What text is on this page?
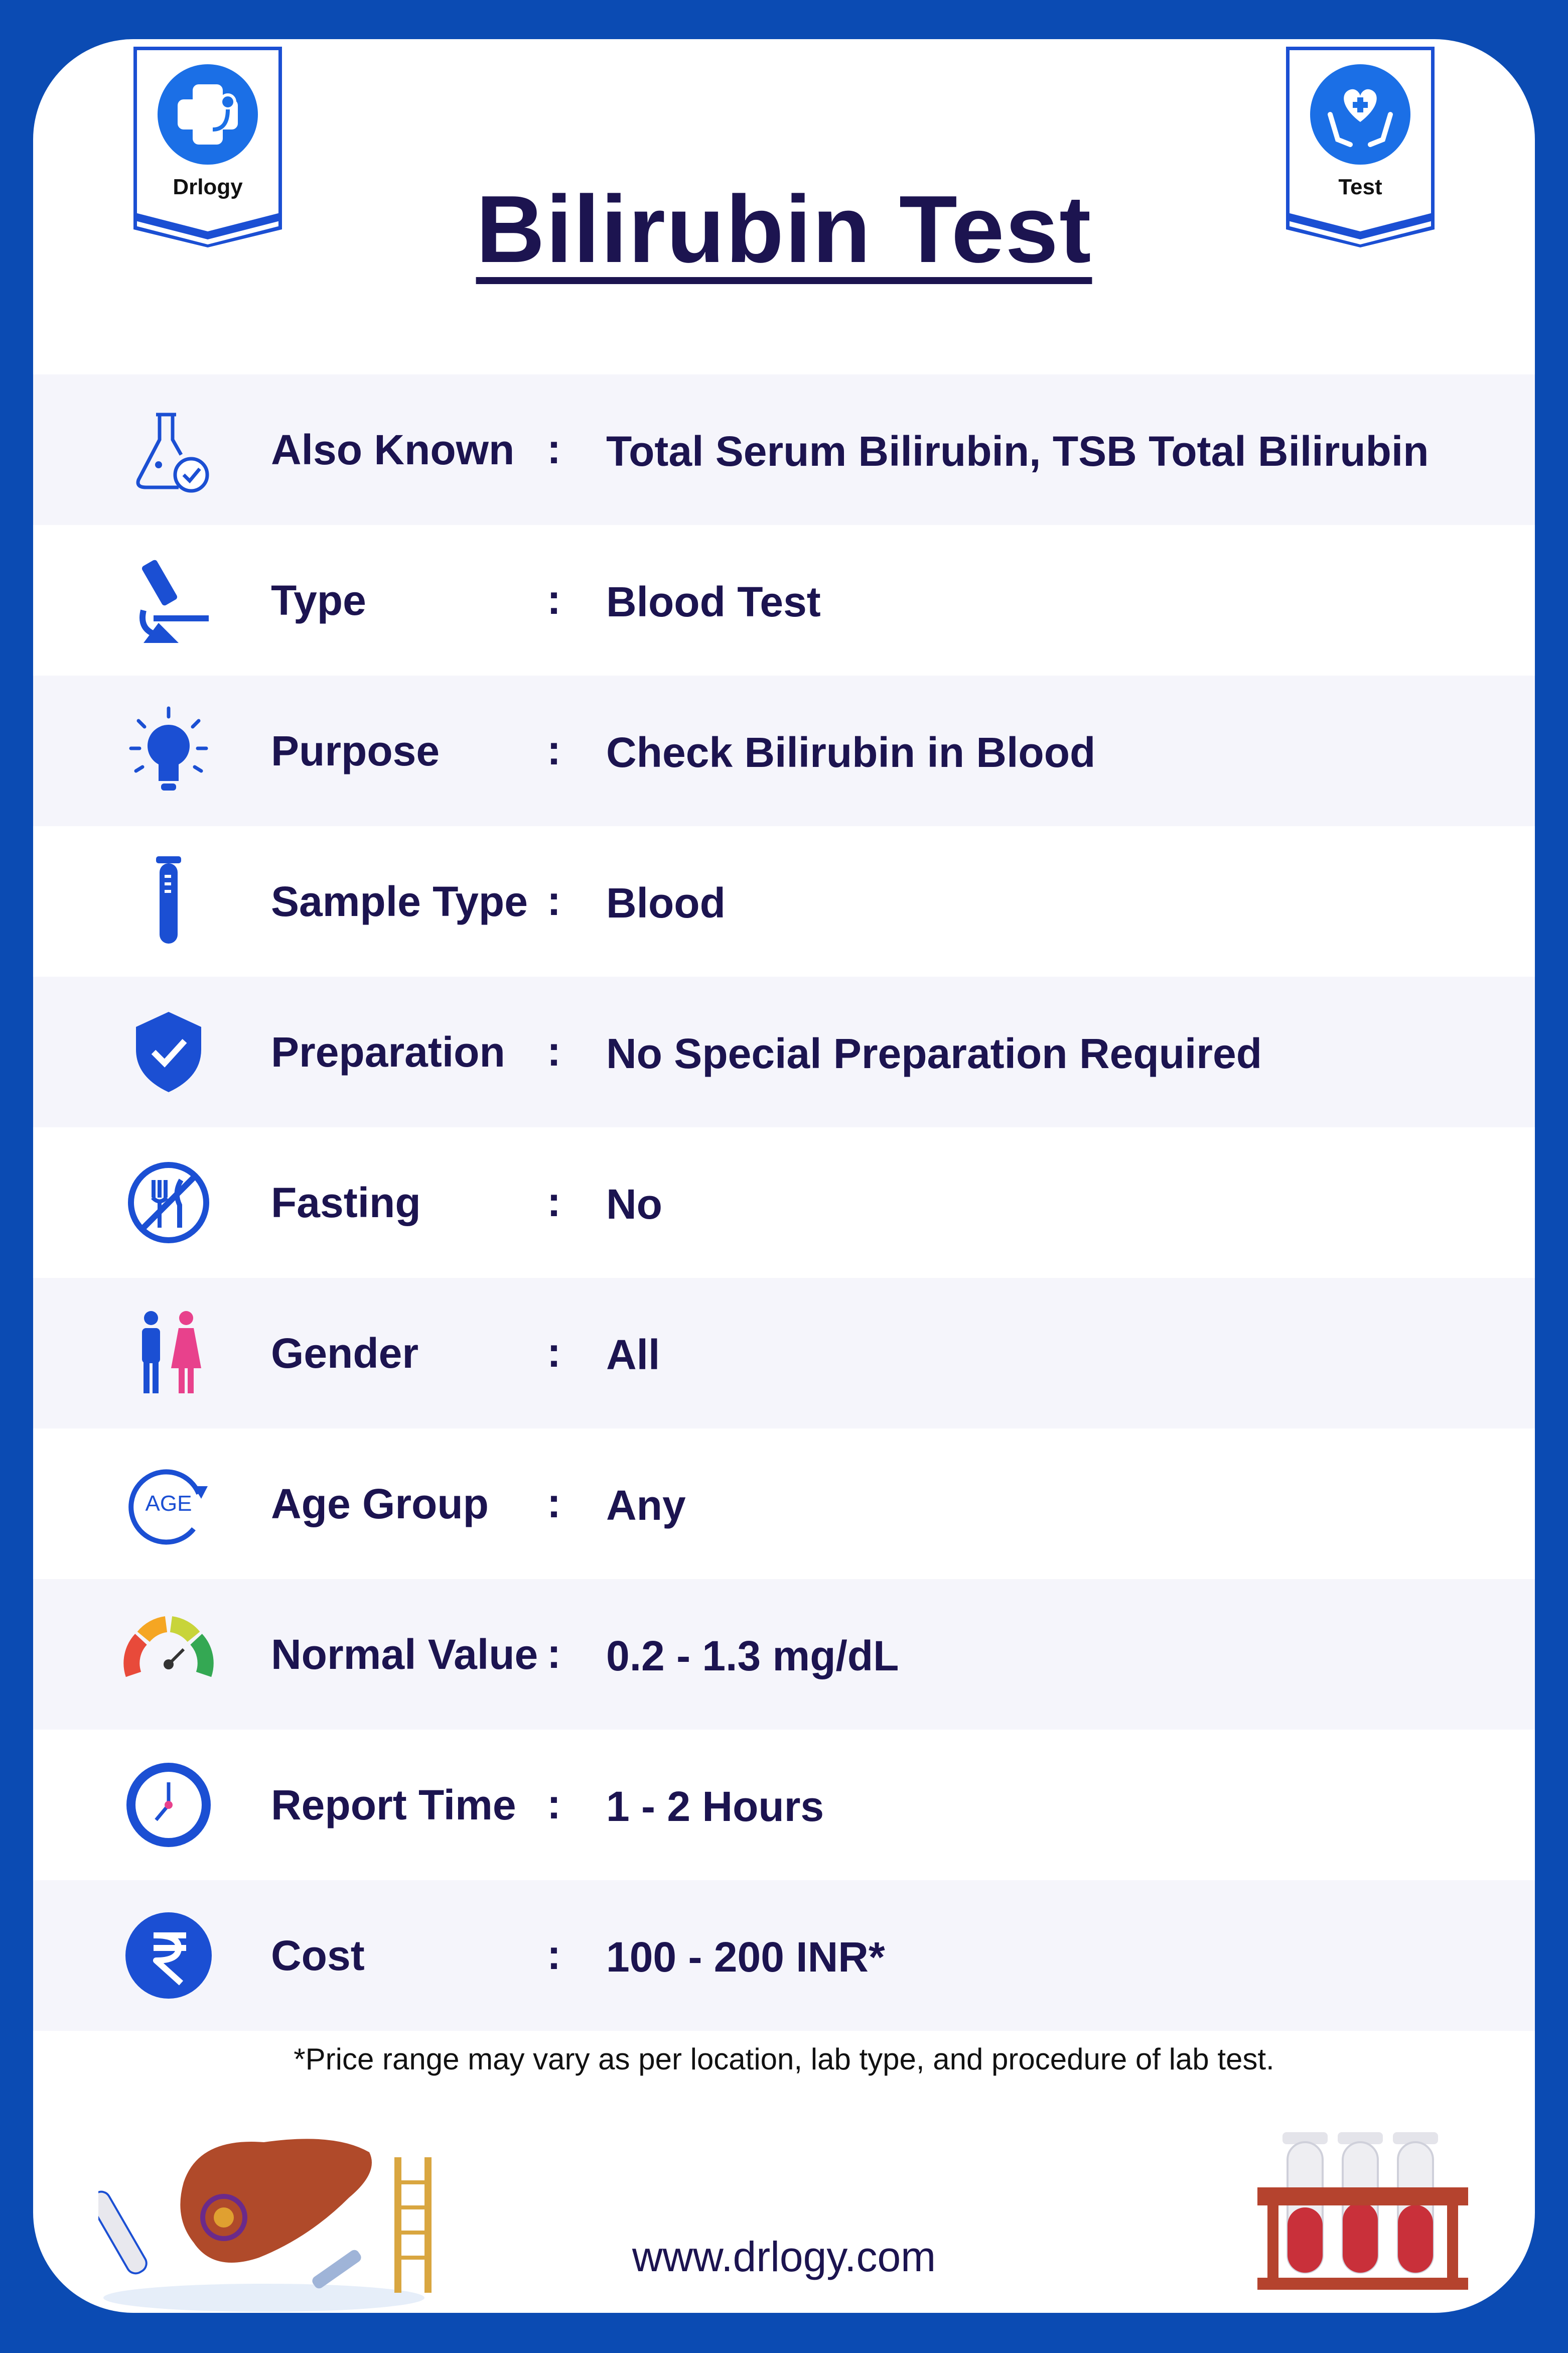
Drlogy	Test
Bilirubin Test
Also Known : Total Serum Bilirubin, TSB Total Bilirubin
Type	: Blood Test
Purpose	: Check Bilirubin in Blood
Sample Type : Blood
Preparation : No Special Preparation Required
Fasting	: No
Gender	: All
AGE Age Group : Any
Normal Value : 0.2 - 1.3 mg/dL
Report Time : 1 - 2 Hours
Cost	: 100 - 200 INR*
*Price range may vary as per location, lab type, and procedure of lab test.
www.drlogy.com
